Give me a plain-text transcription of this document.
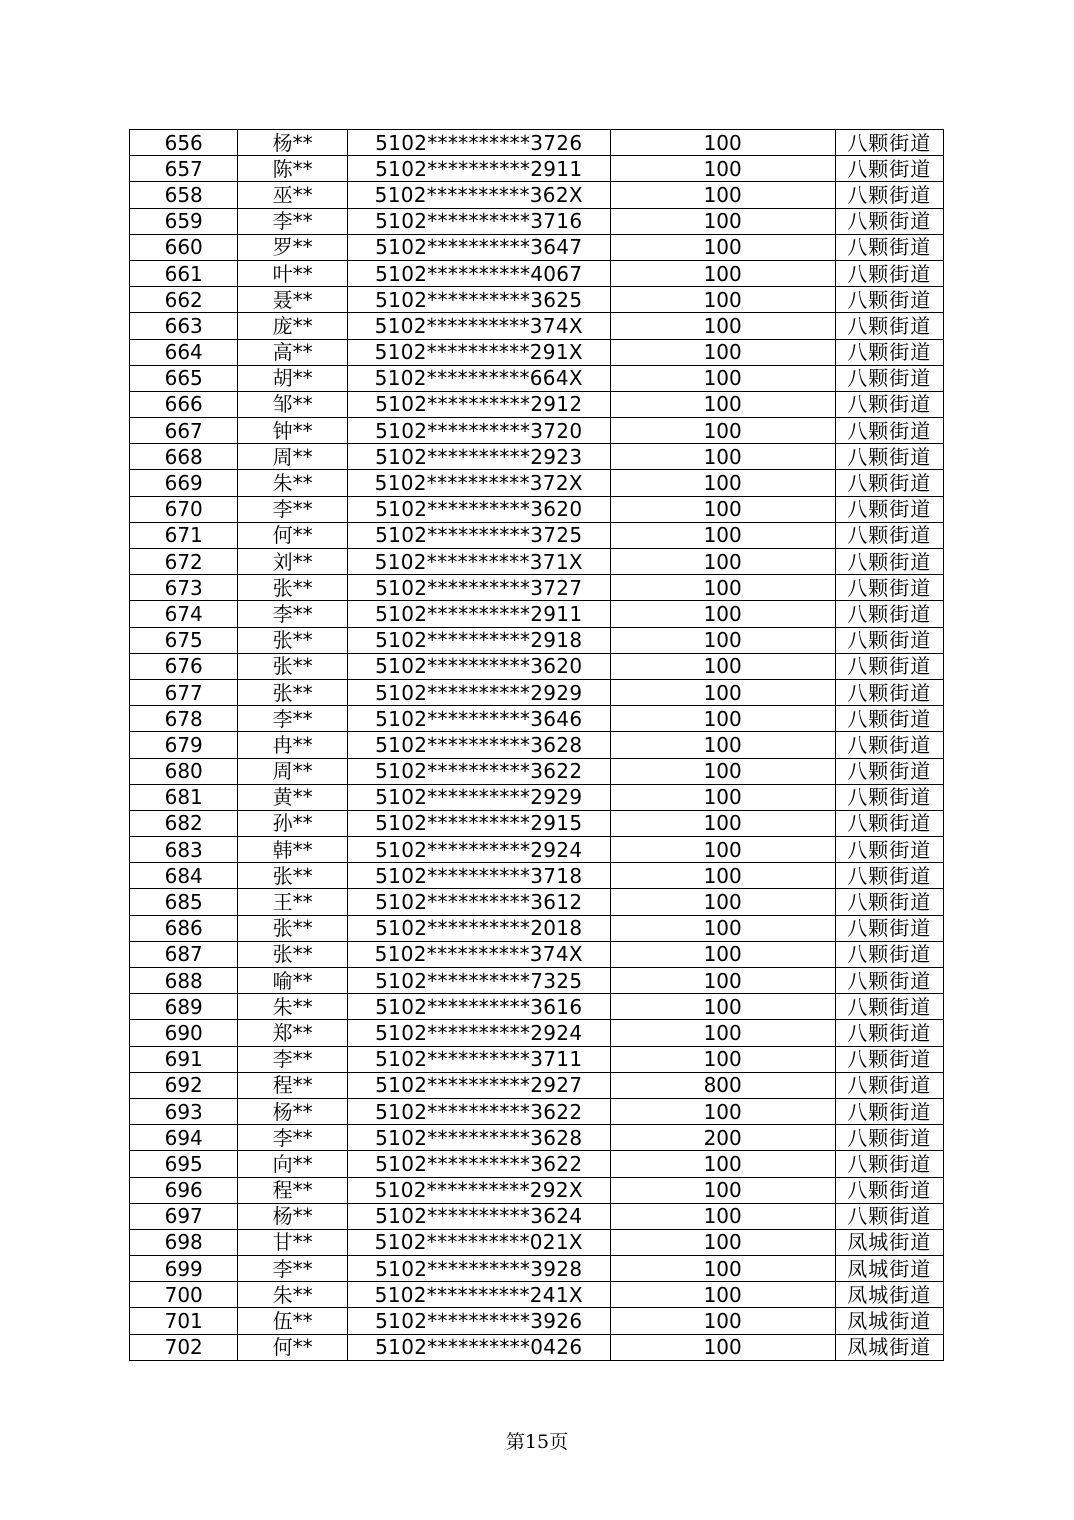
656	杨**	5102**********3726	100	八颗街道
657	陈**	5102**********2911	100	八颗街道
658	巫**	5102**********362X	100	八颗街道
659	李**	5102**********3716	100	八颗街道
660	罗**	5102**********3647	100	八颗街道
661	叶**	5102**********4067	100	八颗街道
662	聂**	5102**********3625	100	八颗街道
663	庞**	5102**********374X	100	八颗街道
664	高**	5102**********291X	100	八颗街道
665	胡**	5102**********664X	100	八颗街道
666	邹**	5102**********2912	100	八颗街道
667	钟**	5102**********3720	100	八颗街道
668	周**	5102**********2923	100	八颗街道
669	朱**	5102**********372X	100	八颗街道
670	李**	5102**********3620	100	八颗街道
671	何**	5102**********3725	100	八颗街道
672	刘**	5102**********371X	100	八颗街道
673	张**	5102**********3727	100	八颗街道
674	李**	5102**********2911	100	八颗街道
675	张**	5102**********2918	100	八颗街道
676	张**	5102**********3620	100	八颗街道
677	张**	5102**********2929	100	八颗街道
678	李**	5102**********3646	100	八颗街道
679	冉**	5102**********3628	100	八颗街道
680	周**	5102**********3622	100	八颗街道
681	黄**	5102**********2929	100	八颗街道
682	孙**	5102**********2915	100	八颗街道
683	韩**	5102**********2924	100	八颗街道
684	张**	5102**********3718	100	八颗街道
685	王**	5102**********3612	100	八颗街道
686	张**	5102**********2018	100	八颗街道
687	张**	5102**********374X	100	八颗街道
688	喻**	5102**********7325	100	八颗街道
689	朱**	5102**********3616	100	八颗街道
690	郑**	5102**********2924	100	八颗街道
691	李**	5102**********3711	100	八颗街道
692	程**	5102**********2927	800	八颗街道
693	杨**	5102**********3622	100	八颗街道
694	李**	5102**********3628	200	八颗街道
695	向**	5102**********3622	100	八颗街道
696	程**	5102**********292X	100	八颗街道
697	杨**	5102**********3624	100	八颗街道
698	甘**	5102**********021X	100	凤城街道
699	李**	5102**********3928	100	凤城街道
700	朱**	5102**********241X	100	凤城街道
701	伍**	5102**********3926	100	凤城街道
702	何**	5102**********0426	100	凤城街道
第15页
